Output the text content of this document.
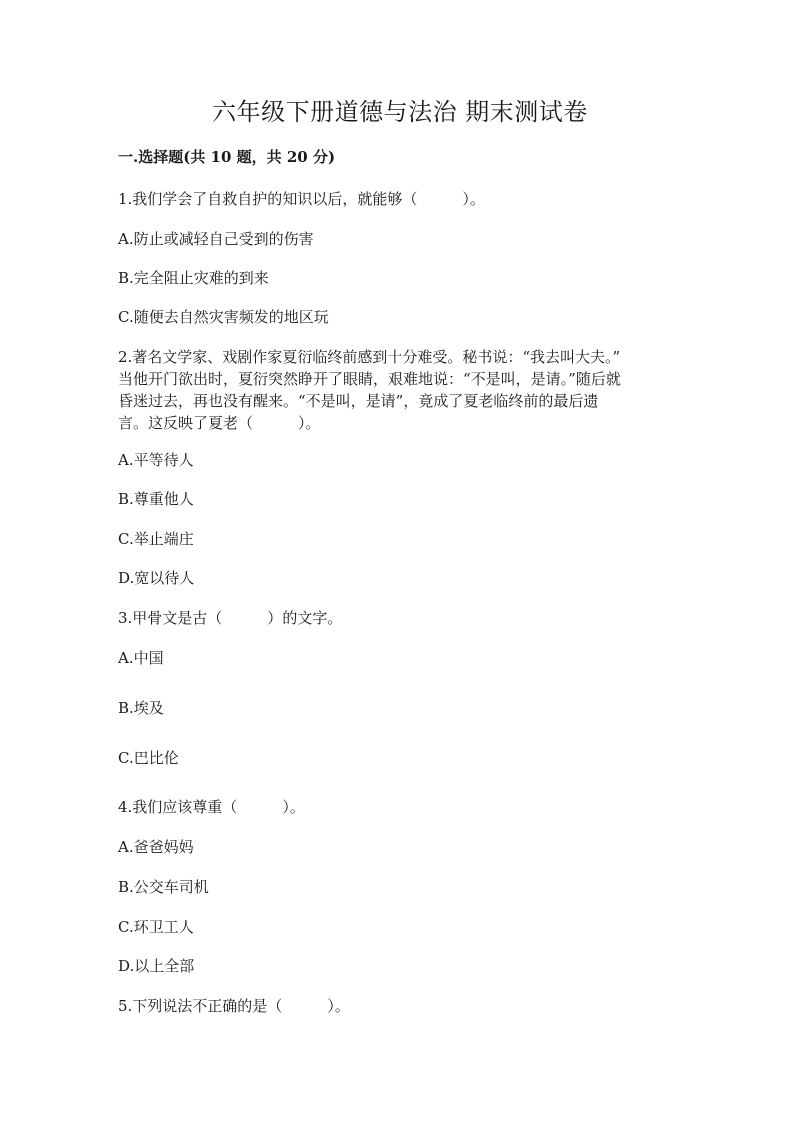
六年级下册道德与法治 期末测试卷
一.选择题(共 10 题，共 20 分)
1.我们学会了自救自护的知识以后，就能够（　　　）。
A.防止或减轻自己受到的伤害
B.完全阻止灾难的到来
C.随便去自然灾害频发的地区玩
2.著名文学家、戏剧作家夏衍临终前感到十分难受。秘书说：“我去叫大夫。”
当他开门欲出时，夏衍突然睁开了眼睛，艰难地说：“不是叫，是请。”随后就
昏迷过去，再也没有醒来。“不是叫，是请”，竟成了夏老临终前的最后遗
言。这反映了夏老（　　　）。
A.平等待人
B.尊重他人
C.举止端庄
D.宽以待人
3.甲骨文是古（　　　）的文字。
A.中国
B.埃及
C.巴比伦
4.我们应该尊重（　　　）。
A.爸爸妈妈
B.公交车司机
C.环卫工人
D.以上全部
5.下列说法不正确的是（　　　）。
